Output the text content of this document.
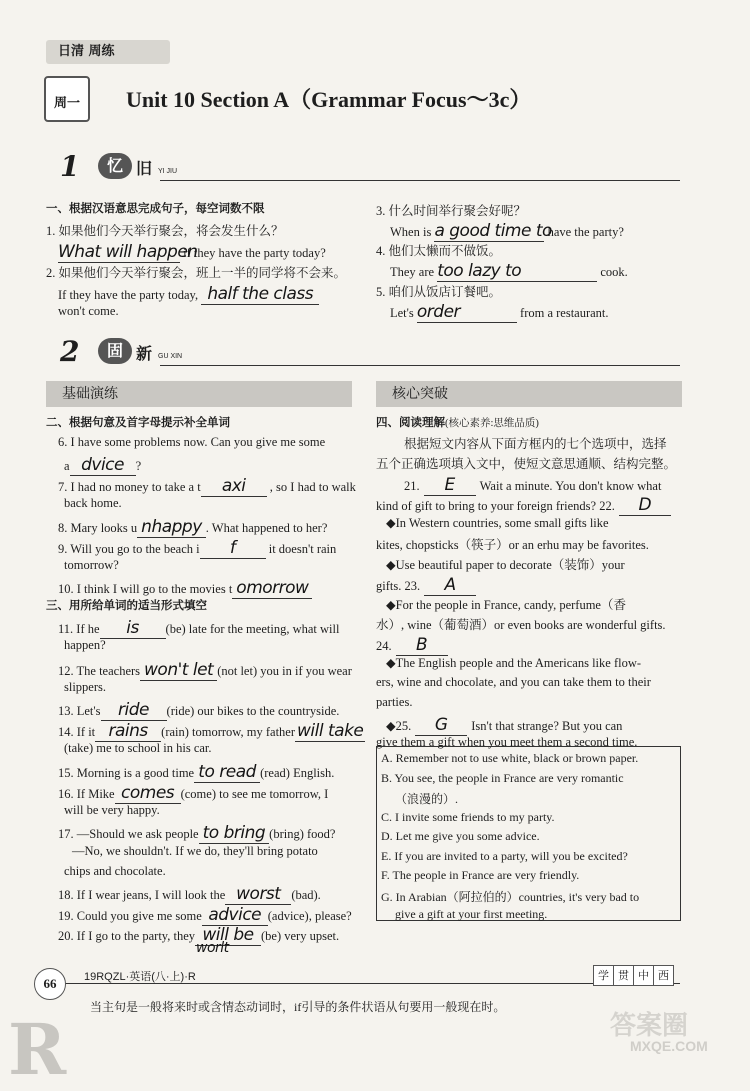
日清 周练
周一	Unit 10 Section A（Grammar Focus～3c）
1	忆 旧 YI JIU
一、根据汉语意思完成句子，每空词数不限
1. 如果他们今天举行聚会，将会发生什么？
What will happen if they have the party today?
2. 如果他们今天举行聚会，班上一半的同学将不会来。
If they have the party today, half the class
won't come.
3. 什么时间举行聚会好呢？
When is a good time to have the party?
4. 他们太懒而不做饭。
They are too lazy to	cook.
5. 咱们从饭店订餐吧。
Let's order	from a restaurant.
2	固 新 GU XIN
基础演练	核心突破
二、根据句意及首字母提示补全单词
三、用所给单词的适当形式填空
6. I have some problems now. Can you give me some
a dvice ?
7. I had no money to take a t axi , so I had to walk
back home.
8. Mary looks u nhappy . What happened to her?
9. Will you go to the beach i f it doesn't rain
tomorrow?
10. I think I will go to the movies t omorrow
11. If he is (be) late for the meeting, what will
happen?
12. The teachers won't let (not let) you in if you wear
slippers.
13. Let's ride (ride) our bikes to the countryside.
14. If it rains (rain) tomorrow, my father will take
(take) me to school in his car.
15. Morning is a good time to read (read) English.
16. If Mike comes (come) to see me tomorrow, I
will be very happy.
17. —Should we ask people to bring (bring) food?
—No, we shouldn't. If we do, they'll bring potato
chips and chocolate.
18. If I wear jeans, I will look the worst (bad).
19. Could you give me some advice (advice), please?
20. If I go to the party, they will be (be) very upset.
worlt
四、阅读理解(核心素养:思维品质)
根据短文内容从下面方框内的七个选项中，选择
五个正确选项填入文中，使短文意思通顺、结构完整。
21. E Wait a minute. You don't know what
kind of gift to bring to your foreign friends? 22. D
◆In Western countries, some small gifts like
kites, chopsticks（筷子）or an erhu may be favorites.
◆Use beautiful paper to decorate（装饰）your
gifts. 23. A
◆For the people in France, candy, perfume（香
水）, wine（葡萄酒）or even books are wonderful gifts.
24. B
◆The English people and the Americans like flow-
ers, wine and chocolate, and you can take them to their
parties.
◆25. G Isn't that strange? But you can
give them a gift when you meet them a second time.
A. Remember not to use white, black or brown paper.
B. You see, the people in France are very romantic
（浪漫的）.
C. I invite some friends to my party.
D. Let me give you some advice.
E. If you are invited to a party, will you be excited?
F. The people in France are very friendly.
G. In Arabian（阿拉伯的）countries, it's very bad to
give a gift at your first meeting.
66	19RQZL·英语(八·上)·R	学 贯 中 西
当主句是一般将来时或含情态动词时，if引导的条件状语从句要用一般现在时。
R	答案圈
MXQE.COM
